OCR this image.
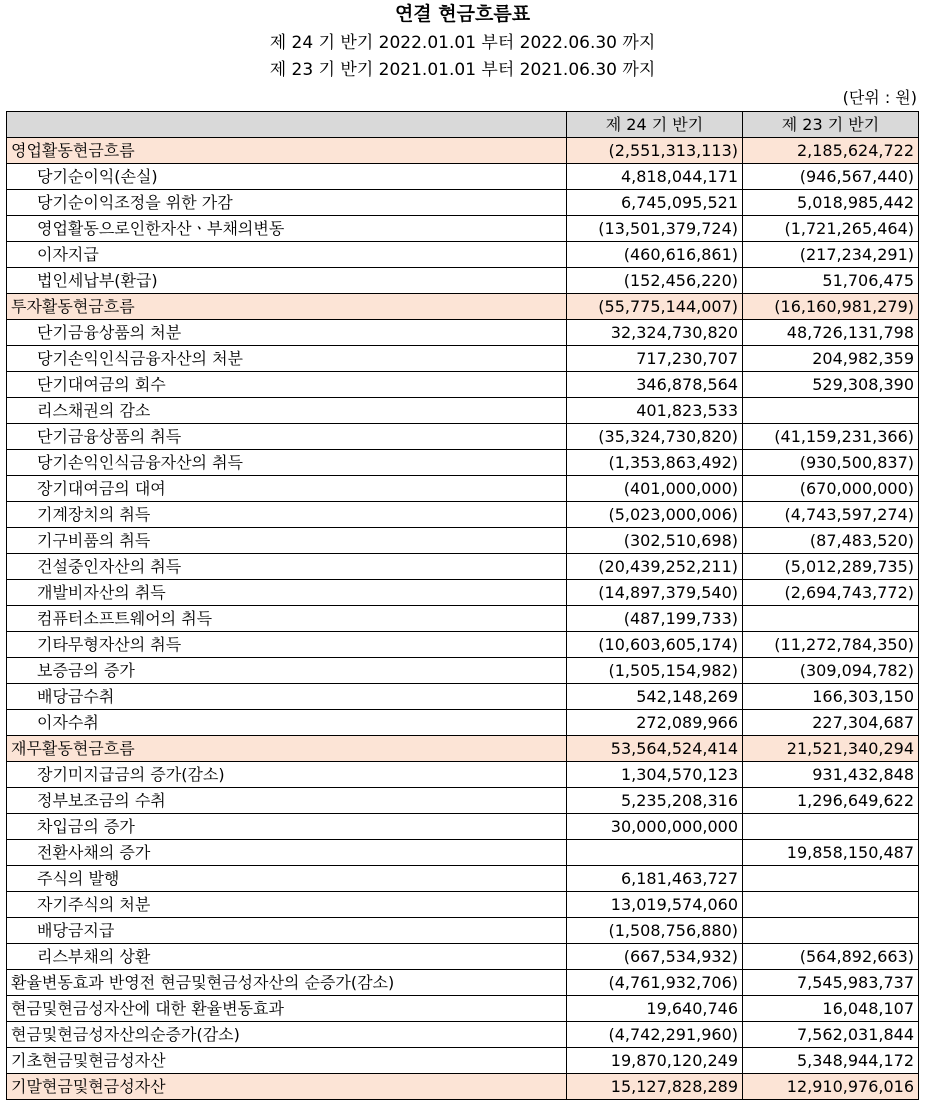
연결 현금흐름표
제 24 기 반기 2022.01.01 부터 2022.06.30 까지
제 23 기 반기 2021.01.01 부터 2021.06.30 까지
(단위 : 원)
	제 24 기 반기	제 23 기 반기
영업활동현금흐름	(2,551,313,113)	2,185,624,722
당기순이익(손실)	4,818,044,171	(946,567,440)
당기순이익조정을 위한 가감	6,745,095,521	5,018,985,442
영업활동으로인한자산ㆍ부채의변동	(13,501,379,724)	(1,721,265,464)
이자지급	(460,616,861)	(217,234,291)
법인세납부(환급)	(152,456,220)	51,706,475
투자활동현금흐름	(55,775,144,007)	(16,160,981,279)
단기금융상품의 처분	32,324,730,820	48,726,131,798
당기손익인식금융자산의 처분	717,230,707	204,982,359
단기대여금의 회수	346,878,564	529,308,390
리스채권의 감소	401,823,533	
단기금융상품의 취득	(35,324,730,820)	(41,159,231,366)
당기손익인식금융자산의 취득	(1,353,863,492)	(930,500,837)
장기대여금의 대여	(401,000,000)	(670,000,000)
기계장치의 취득	(5,023,000,006)	(4,743,597,274)
기구비품의 취득	(302,510,698)	(87,483,520)
건설중인자산의 취득	(20,439,252,211)	(5,012,289,735)
개발비자산의 취득	(14,897,379,540)	(2,694,743,772)
컴퓨터소프트웨어의 취득	(487,199,733)	
기타무형자산의 취득	(10,603,605,174)	(11,272,784,350)
보증금의 증가	(1,505,154,982)	(309,094,782)
배당금수취	542,148,269	166,303,150
이자수취	272,089,966	227,304,687
재무활동현금흐름	53,564,524,414	21,521,340,294
장기미지급금의 증가(감소)	1,304,570,123	931,432,848
정부보조금의 수취	5,235,208,316	1,296,649,622
차입금의 증가	30,000,000,000	
전환사채의 증가		19,858,150,487
주식의 발행	6,181,463,727	
자기주식의 처분	13,019,574,060	
배당금지급	(1,508,756,880)	
리스부채의 상환	(667,534,932)	(564,892,663)
환율변동효과 반영전 현금및현금성자산의 순증가(감소)	(4,761,932,706)	7,545,983,737
현금및현금성자산에 대한 환율변동효과	19,640,746	16,048,107
현금및현금성자산의순증가(감소)	(4,742,291,960)	7,562,031,844
기초현금및현금성자산	19,870,120,249	5,348,944,172
기말현금및현금성자산	15,127,828,289	12,910,976,016
